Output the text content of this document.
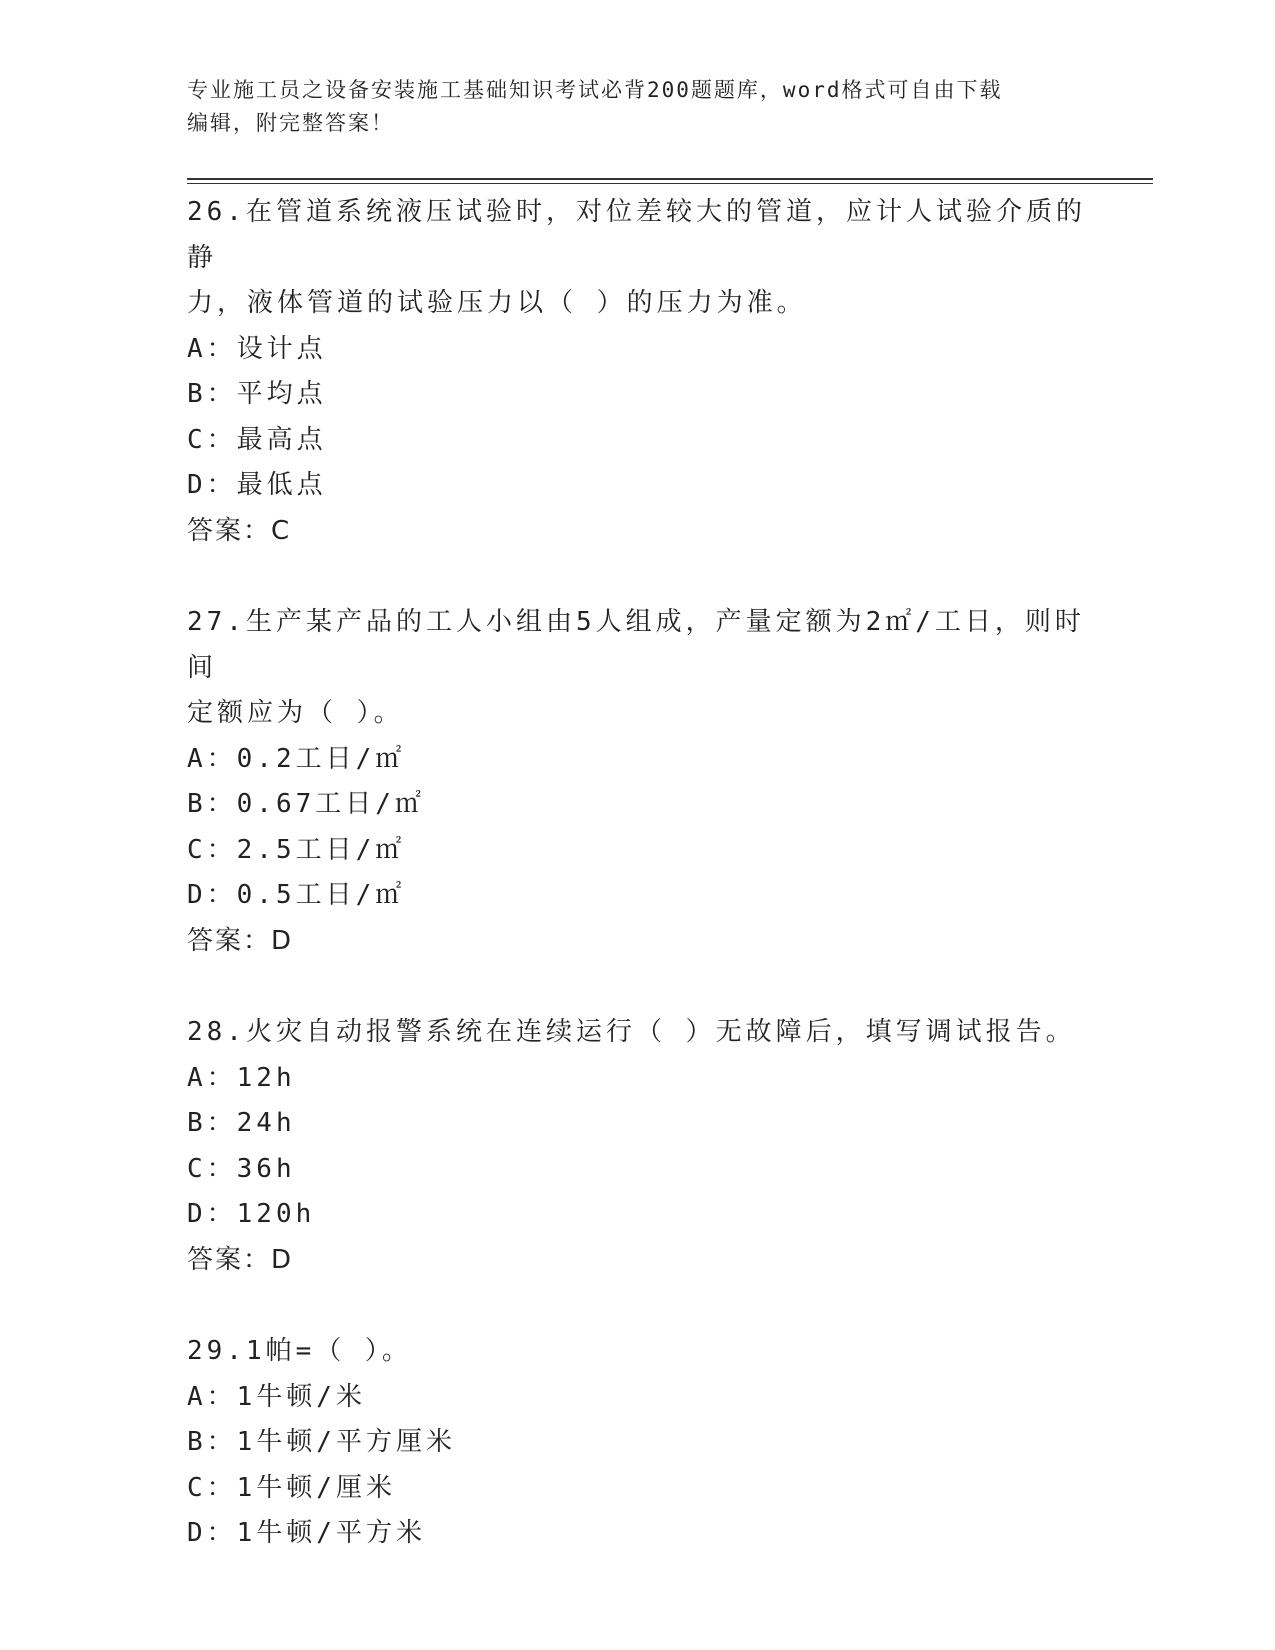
专业施工员之设备安装施工基础知识考试必背200题题库，word格式可自由下载
编辑，附完整答案！
26.在管道系统液压试验时，对位差较大的管道，应计人试验介质的静
力，液体管道的试验压力以（ ）的压力为准。
A：设计点
B：平均点
C：最高点
D：最低点
答案：C
27.生产某产品的工人小组由5人组成，产量定额为2㎡/工日，则时间
定额应为（ ）。
A：0.2工日/㎡
B：0.67工日/㎡
C：2.5工日/㎡
D：0.5工日/㎡
答案：D
28.火灾自动报警系统在连续运行（ ）无故障后，填写调试报告。
A：12h
B：24h
C：36h
D：120h
答案：D
29.1帕=（ ）。
A：1牛顿/米
B：1牛顿/平方厘米
C：1牛顿/厘米
D：1牛顿/平方米
